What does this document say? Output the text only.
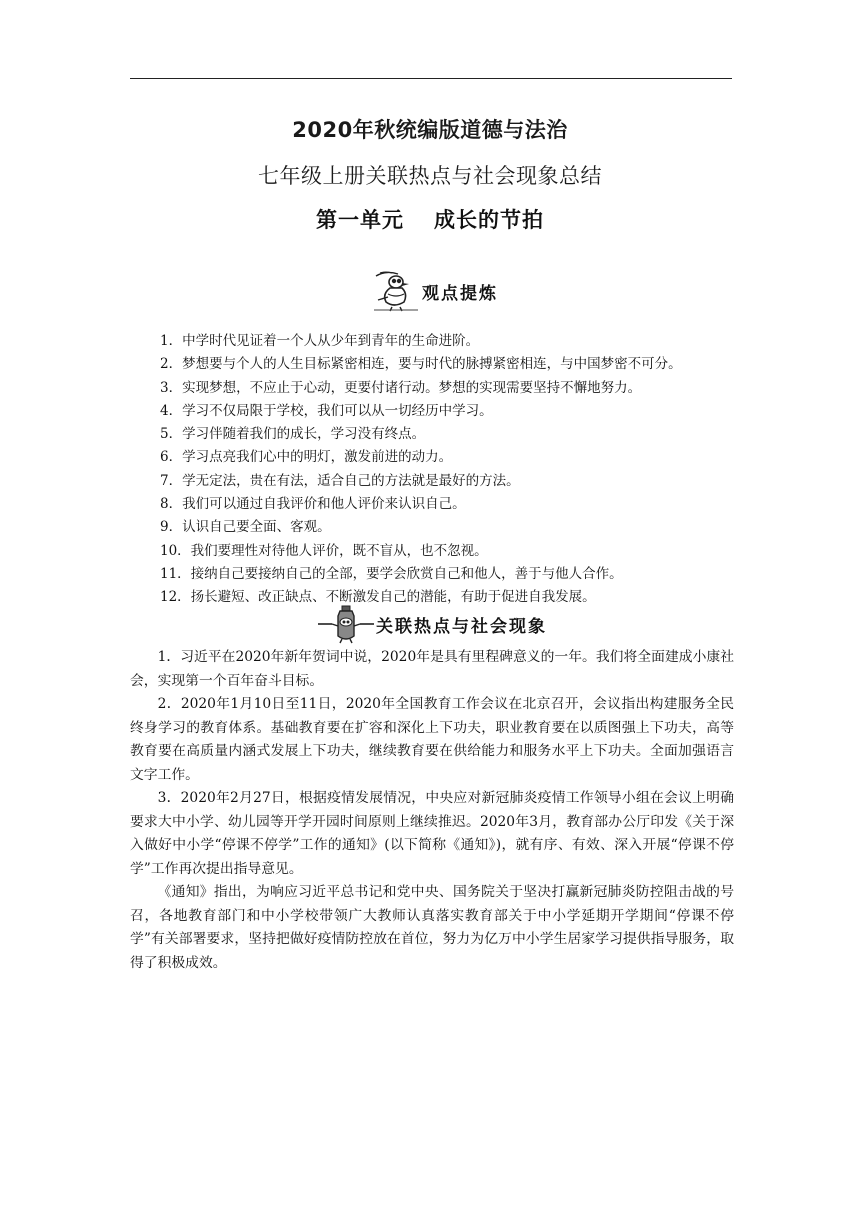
2020年秋统编版道德与法治
七年级上册关联热点与社会现象总结
第一单元 成长的节拍
观点提炼
1．中学时代见证着一个人从少年到青年的生命进阶。
2．梦想要与个人的人生目标紧密相连，要与时代的脉搏紧密相连，与中国梦密不可分。
3．实现梦想，不应止于心动，更要付诸行动。梦想的实现需要坚持不懈地努力。
4．学习不仅局限于学校，我们可以从一切经历中学习。
5．学习伴随着我们的成长，学习没有终点。
6．学习点亮我们心中的明灯，激发前进的动力。
7．学无定法，贵在有法，适合自己的方法就是最好的方法。
8．我们可以通过自我评价和他人评价来认识自己。
9．认识自己要全面、客观。
10．我们要理性对待他人评价，既不盲从，也不忽视。
11．接纳自己要接纳自己的全部，要学会欣赏自己和他人，善于与他人合作。
12．扬长避短、改正缺点、不断激发自己的潜能，有助于促进自我发展。
关联热点与社会现象

1．习近平在2020年新年贺词中说，2020年是具有里程碑意义的一年。我们将全面建成小康社会，实现第一个百年奋斗目标。

2．2020年1月10日至11日，2020年全国教育工作会议在北京召开，会议指出构建服务全民终身学习的教育体系。基础教育要在扩容和深化上下功夫，职业教育要在以质图强上下功夫，高等教育要在高质量内涵式发展上下功夫，继续教育要在供给能力和服务水平上下功夫。全面加强语言文字工作。

3．2020年2月27日，根据疫情发展情况，中央应对新冠肺炎疫情工作领导小组在会议上明确要求大中小学、幼儿园等开学开园时间原则上继续推迟。2020年3月，教育部办公厅印发《关于深入做好中小学“停课不停学”工作的通知》(以下简称《通知》)，就有序、有效、深入开展“停课不停学”工作再次提出指导意见。

《通知》指出，为响应习近平总书记和党中央、国务院关于坚决打赢新冠肺炎防控阻击战的号召，各地教育部门和中小学校带领广大教师认真落实教育部关于中小学延期开学期间“停课不停学”有关部署要求，坚持把做好疫情防控放在首位，努力为亿万中小学生居家学习提供指导服务，取得了积极成效。
